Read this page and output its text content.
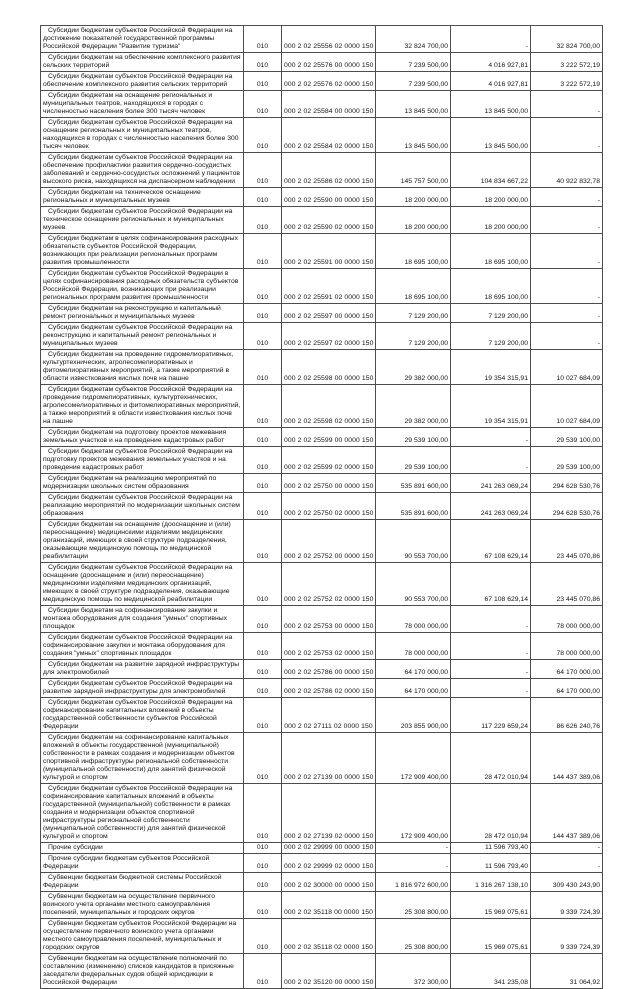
Субсидии бюджетам субъектов Российской Федерации на достижение показателей государственной программы Российской Федерации "Развитие туризма"	010	000 2 02 25556 02 0000 150	32 824 700,00	-	32 824 700,00
Субсидии бюджетам на обеспечение комплексного развития сельских территорий	010	000 2 02 25576 00 0000 150	7 239 500,00	4 016 927,81	3 222 572,19
Субсидии бюджетам субъектов Российской Федерации на обеспечение комплексного развития сельских территорий	010	000 2 02 25576 02 0000 150	7 239 500,00	4 016 927,81	3 222 572,19
Субсидии бюджетам на оснащение региональных и муниципальных театров, находящихся в городах с численностью населения более 300 тысяч человек	010	000 2 02 25584 00 0000 150	13 845 500,00	13 845 500,00	-
Субсидии бюджетам субъектов Российской Федерации на оснащение региональных и муниципальных театров, находящихся в городах с численностью населения более 300 тысяч человек	010	000 2 02 25584 02 0000 150	13 845 500,00	13 845 500,00	-
Субсидии бюджетам субъектов Российской Федерации на обеспечение профилактики развития сердечно-сосудистых заболеваний и сердечно-сосудистых осложнений у пациентов высокого риска, находящихся на диспансерном наблюдении	010	000 2 02 25586 02 0000 150	145 757 500,00	104 834 667,22	40 922 832,78
Субсидии бюджетам на техническое оснащение региональных и муниципальных музеев	010	000 2 02 25590 00 0000 150	18 200 000,00	18 200 000,00	-
Субсидии бюджетам субъектов Российской Федерации на техническое оснащение региональных и муниципальных музеев	010	000 2 02 25590 02 0000 150	18 200 000,00	18 200 000,00	-
Субсидии бюджетам в целях софинансирования расходных обязательств субъектов Российской Федерации, возникающих при реализации региональных программ развития промышленности	010	000 2 02 25591 00 0000 150	18 695 100,00	18 695 100,00	-
Субсидии бюджетам субъектов Российской Федерации в целях софинансирования расходных обязательств субъектов Российской Федерации, возникающих при реализации региональных программ развития промышленности	010	000 2 02 25591 02 0000 150	18 695 100,00	18 695 100,00	-
Субсидии бюджетам на реконструкцию и капитальный ремонт региональных и муниципальных музеев	010	000 2 02 25597 00 0000 150	7 129 200,00	7 129 200,00	-
Субсидии бюджетам субъектов Российской Федерации на реконструкцию и капитальный ремонт региональных и муниципальных музеев	010	000 2 02 25597 02 0000 150	7 129 200,00	7 129 200,00	-
Субсидии бюджетам на проведение гидромелиоративных, культуртехнических, агролесомелиоративных и фитомелиоративных мероприятий, а также мероприятий в области известкования кислых почв на пашне	010	000 2 02 25598 00 0000 150	29 382 000,00	19 354 315,91	10 027 684,09
Субсидии бюджетам субъектов Российской Федерации на проведение гидромелиоративных, культуртехнических, агролесомелиоративных и фитомелиоративных мероприятий, а также мероприятий в области известкования кислых почв на пашне	010	000 2 02 25598 02 0000 150	29 382 000,00	19 354 315,91	10 027 684,09
Субсидии бюджетам на подготовку проектов межевания земельных участков и на проведение кадастровых работ	010	000 2 02 25599 00 0000 150	29 539 100,00	-	29 539 100,00
Субсидии бюджетам субъектов Российской Федерации на подготовку проектов межевания земельных участков и на проведение кадастровых работ	010	000 2 02 25599 02 0000 150	29 539 100,00	-	29 539 100,00
Субсидии бюджетам на реализацию мероприятий по модернизации школьных систем образования	010	000 2 02 25750 00 0000 150	535 891 600,00	241 263 069,24	294 628 530,76
Субсидии бюджетам субъектов Российской Федерации на реализацию мероприятий по модернизации школьных систем образования	010	000 2 02 25750 02 0000 150	535 891 600,00	241 263 069,24	294 628 530,76
Субсидии бюджетам на оснащение (дооснащение и (или) переоснащение) медицинскими изделиями медицинских организаций, имеющих в своей структуре подразделения, оказывающие медицинскую помощь по медицинской реабилитации	010	000 2 02 25752 00 0000 150	90 553 700,00	67 108 629,14	23 445 070,86
Субсидии бюджетам субъектов Российской Федерации на оснащение (дооснащение и (или) переоснащение) медицинскими изделиями медицинских организаций, имеющих в своей структуре подразделения, оказывающие медицинскую помощь по медицинской реабилитации	010	000 2 02 25752 02 0000 150	90 553 700,00	67 108 629,14	23 445 070,86
Субсидии бюджетам на софинансирование закупки и монтажа оборудования для создания "умных" спортивных площадок	010	000 2 02 25753 00 0000 150	78 000 000,00	-	78 000 000,00
Субсидии бюджетам субъектов Российской Федерации на софинансирование закупки и монтажа оборудования для создания "умных" спортивных площадок	010	000 2 02 25753 02 0000 150	78 000 000,00	-	78 000 000,00
Субсидии бюджетам на развитие зарядной инфраструктуры для электромобилей	010	000 2 02 25786 00 0000 150	64 170 000,00	-	64 170 000,00
Субсидии бюджетам субъектов Российской Федерации на развитие зарядной инфраструктуры для электромобилей	010	000 2 02 25786 02 0000 150	64 170 000,00	-	64 170 000,00
Субсидии бюджетам субъектов Российской Федерации на софинансирование капитальных вложений в объекты государственной собственности субъектов Российской Федерации	010	000 2 02 27111 02 0000 150	203 855 900,00	117 229 659,24	86 626 240,76
Субсидии бюджетам на софинансирование капитальных вложений в объекты государственной (муниципальной) собственности в рамках создания и модернизации объектов спортивной инфраструктуры региональной собственности (муниципальной собственности) для занятий физической культурой и спортом	010	000 2 02 27139 00 0000 150	172 909 400,00	28 472 010,94	144 437 389,06
Субсидии бюджетам субъектов Российской Федерации на софинансирование капитальных вложений в объекты государственной (муниципальной) собственности в рамках создания и модернизации объектов спортивной инфраструктуры региональной собственности (муниципальной собственности) для занятий физической культурой и спортом	010	000 2 02 27139 02 0000 150	172 909 400,00	28 472 010,94	144 437 389,06
Прочие субсидии	010	000 2 02 29999 00 0000 150	-	11 596 793,40	-
Прочие субсидии бюджетам субъектов Российской Федерации	010	000 2 02 29999 02 0000 150	-	11 596 793,40	-
Субвенции бюджетам бюджетной системы Российской Федерации	010	000 2 02 30000 00 0000 150	1 816 972 600,00	1 316 267 138,10	309 430 243,90
Субвенции бюджетам на осуществление первичного воинского учета органами местного самоуправления поселений, муниципальных и городских округов	010	000 2 02 35118 00 0000 150	25 308 800,00	15 969 075,61	9 339 724,39
Субвенции бюджетам субъектов Российской Федерации на осуществление первичного воинского учета органами местного самоуправления поселений, муниципальных и городских округов	010	000 2 02 35118 02 0000 150	25 308 800,00	15 969 075,61	9 339 724,39
Субвенции бюджетам на осуществление полномочий по составлению (изменению) списков кандидатов в присяжные заседатели федеральных судов общей юрисдикции в Российской Федерации	010	000 2 02 35120 00 0000 150	372 300,00	341 235,08	31 064,92
